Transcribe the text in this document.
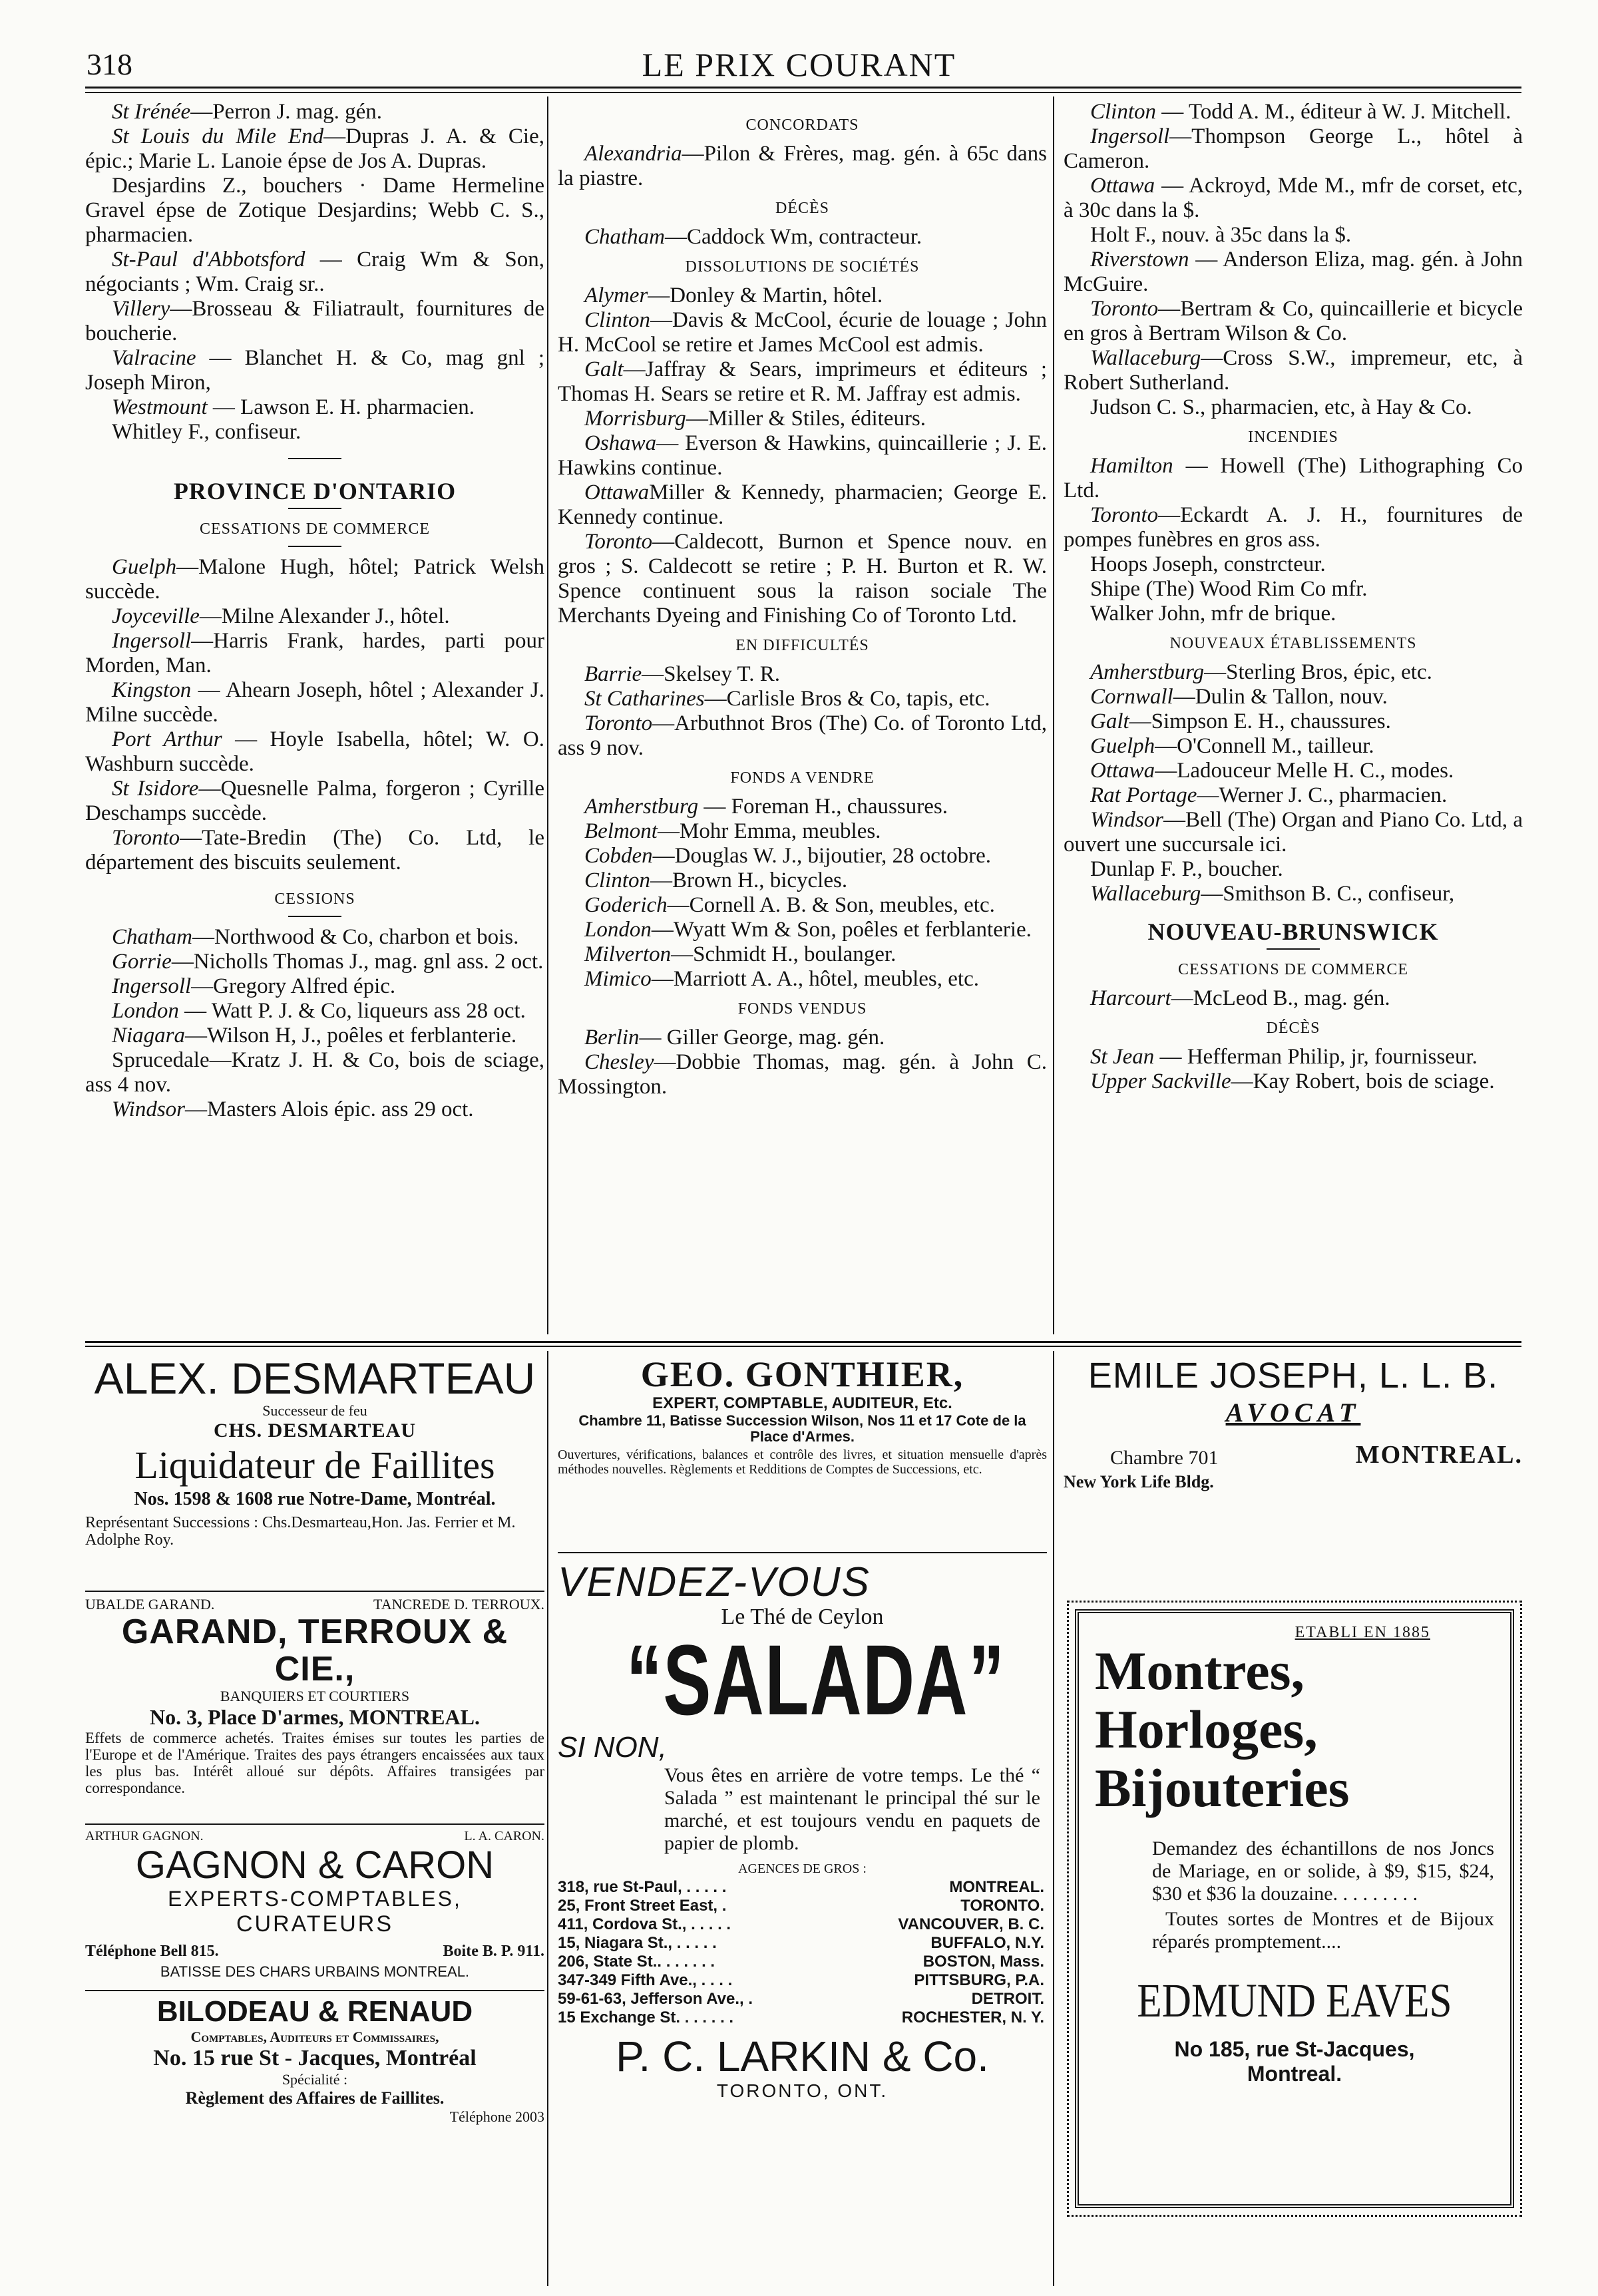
318	LE PRIX COURANT

St Irénée—Perron J. mag. gén.

St Louis du Mile End—Dupras J. A. & Cie, épic.; Marie L. Lanoie épse de Jos A. Dupras.

Desjardins Z., bouchers · Dame Hermeline Gravel épse de Zotique Desjardins; Webb C. S., pharmacien.

St-Paul d'Abbotsford — Craig Wm & Son, négociants ; Wm. Craig sr..

Villery—Brosseau & Filiatrault, fournitures de boucherie.

Valracine — Blanchet H. & Co, mag gnl ; Joseph Miron,

Westmount — Lawson E. H. pharmacien.

Whitley F., confiseur.

PROVINCE D'ONTARIO
CESSATIONS DE COMMERCE

Guelph—Malone Hugh, hôtel; Patrick Welsh succède.

Joyceville—Milne Alexander J., hôtel.

Ingersoll—Harris Frank, hardes, parti pour Morden, Man.

Kingston — Ahearn Joseph, hôtel ; Alexander J. Milne succède.

Port Arthur — Hoyle Isabella, hôtel; W. O. Washburn succède.

St Isidore—Quesnelle Palma, forgeron ; Cyrille Deschamps succède.

Toronto—Tate-Bredin (The) Co. Ltd, le département des biscuits seulement.

CESSIONS

Chatham—Northwood & Co, charbon et bois.

Gorrie—Nicholls Thomas J., mag. gnl ass. 2 oct.

Ingersoll—Gregory Alfred épic.

London — Watt P. J. & Co, liqueurs ass 28 oct.

Niagara—Wilson H, J., poêles et ferblanterie.

Sprucedale—Kratz J. H. & Co, bois de sciage, ass 4 nov.

Windsor—Masters Alois épic. ass 29 oct.

CONCORDATS

Alexandria—Pilon & Frères, mag. gén. à 65c dans la piastre.

DÉCÈS

Chatham—Caddock Wm, contracteur.

DISSOLUTIONS DE SOCIÉTÉS

Alymer—Donley & Martin, hôtel.

Clinton—Davis & McCool, écurie de louage ; John H. McCool se retire et James McCool est admis.

Galt—Jaffray & Sears, imprimeurs et éditeurs ; Thomas H. Sears se retire et R. M. Jaffray est admis.

Morrisburg—Miller & Stiles, éditeurs.

Oshawa— Everson & Hawkins, quincaillerie ; J. E. Hawkins continue.

OttawaMiller & Kennedy, pharmacien; George E. Kennedy continue.

Toronto—Caldecott, Burnon et Spence nouv. en gros ; S. Caldecott se retire ; P. H. Burton et R. W. Spence continuent sous la raison sociale The Merchants Dyeing and Finishing Co of Toronto Ltd.

EN DIFFICULTÉS

Barrie—Skelsey T. R.

St Catharines—Carlisle Bros & Co, tapis, etc.

Toronto—Arbuthnot Bros (The) Co. of Toronto Ltd, ass 9 nov.

FONDS A VENDRE

Amherstburg — Foreman H., chaussures.

Belmont—Mohr Emma, meubles.

Cobden—Douglas W. J., bijoutier, 28 octobre.

Clinton—Brown H., bicycles.

Goderich—Cornell A. B. & Son, meubles, etc.

London—Wyatt Wm & Son, poêles et ferblanterie.

Milverton—Schmidt H., boulanger.

Mimico—Marriott A. A., hôtel, meubles, etc.

FONDS VENDUS

Berlin— Giller George, mag. gén.

Chesley—Dobbie Thomas, mag. gén. à John C. Mossington.

Clinton — Todd A. M., éditeur à W. J. Mitchell.

Ingersoll—Thompson George L., hôtel à Cameron.

Ottawa — Ackroyd, Mde M., mfr de corset, etc, à 30c dans la $.

Holt F., nouv. à 35c dans la $.

Riverstown — Anderson Eliza, mag. gén. à John McGuire.

Toronto—Bertram & Co, quincaillerie et bicycle en gros à Bertram Wilson & Co.

Wallaceburg—Cross S.W., impremeur, etc, à Robert Sutherland.

Judson C. S., pharmacien, etc, à Hay & Co.

INCENDIES

Hamilton — Howell (The) Lithographing Co Ltd.

Toronto—Eckardt A. J. H., fournitures de pompes funèbres en gros ass.

Hoops Joseph, constrcteur.

Shipe (The) Wood Rim Co mfr.

Walker John, mfr de brique.

NOUVEAUX ÉTABLISSEMENTS

Amherstburg—Sterling Bros, épic, etc.

Cornwall—Dulin & Tallon, nouv.

Galt—Simpson E. H., chaussures.

Guelph—O'Connell M., tailleur.

Ottawa—Ladouceur Melle H. C., modes.

Rat Portage—Werner J. C., pharmacien.

Windsor—Bell (The) Organ and Piano Co. Ltd, a ouvert une succursale ici.

Dunlap F. P., boucher.

Wallaceburg—Smithson B. C., confiseur,

NOUVEAU-BRUNSWICK
CESSATIONS DE COMMERCE

Harcourt—McLeod B., mag. gén.

DÉCÈS

St Jean — Hefferman Philip, jr, fournisseur.

Upper Sackville—Kay Robert, bois de sciage.

ALEX. DESMARTEAU
Successeur de feu
CHS. DESMARTEAU
Liquidateur de Faillites
Nos. 1598 & 1608 rue Notre-Dame, Montréal.
Représentant Successions : Chs.Desmarteau,Hon. Jas. Ferrier et M. Adolphe Roy.
UBALDE GARAND.	TANCREDE D. TERROUX.
GARAND, TERROUX & CIE.,
BANQUIERS ET COURTIERS
No. 3, Place D'armes, MONTREAL.
Effets de commerce achetés. Traites émises sur toutes les parties de l'Europe et de l'Amérique. Traites des pays étrangers encaissées aux taux les plus bas. Intérêt alloué sur dépôts. Affaires transigées par correspondance.
ARTHUR GAGNON.	L. A. CARON.
GAGNON & CARON
EXPERTS-COMPTABLES,
CURATEURS
Téléphone Bell 815.	Boite B. P. 911.
BATISSE DES CHARS URBAINS MONTREAL.
BILODEAU & RENAUD
Comptables, Auditeurs et Commissaires,
No. 15 rue St - Jacques, Montréal
Spécialité :
Règlement des Affaires de Faillites.
Téléphone 2003
GEO. GONTHIER,
EXPERT, COMPTABLE, AUDITEUR, Etc.
Chambre 11, Batisse Succession Wilson, Nos 11 et 17 Cote de la Place d'Armes.
Ouvertures, vérifications, balances et contrôle des livres, et situation mensuelle d'après méthodes nouvelles. Règlements et Redditions de Comptes de Successions, etc.
VENDEZ-VOUS
Le Thé de Ceylon
“SALADA”
SI NON,
Vous êtes en arrière de votre temps. Le thé “ Salada ” est maintenant le principal thé sur le marché, et est toujours vendu en paquets de papier de plomb.
AGENCES DE GROS :
318, rue St-Paul, . . . . .	MONTREAL.
25, Front Street East, .	TORONTO.
411, Cordova St., . . . . .	VANCOUVER, B. C.
15, Niagara St., . . . . .	BUFFALO, N.Y.
206, State St.. . . . . . .	BOSTON, Mass.
347-349 Fifth Ave., . . . .	PITTSBURG, P.A.
59-61-63, Jefferson Ave., .	DETROIT.
15 Exchange St. . . . . . .	ROCHESTER, N. Y.
P. C. LARKIN & Co.
TORONTO, ONT.
EMILE JOSEPH, L. L. B.
AVOCAT
Chambre 701	MONTREAL.
New York Life Bldg.
ETABLI EN 1885
Montres,
Horloges,
Bijouteries
Demandez des échantillons de nos Joncs de Mariage, en or solide, à $9, $15, $24, $30 et $36 la douzaine. . . . . . . . .
Toutes sortes de Montres et de Bijoux réparés promptement....
EDMUND EAVES
No 185, rue St-Jacques,
Montreal.
